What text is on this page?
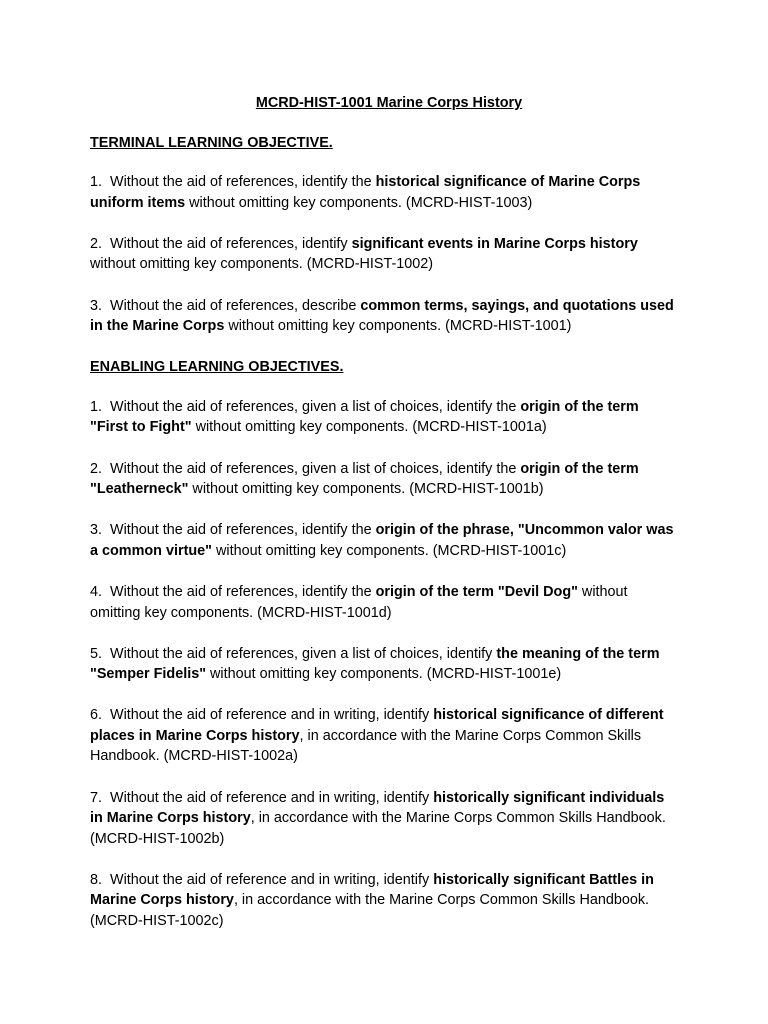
MCRD-HIST-1001 Marine Corps History
TERMINAL LEARNING OBJECTIVE.
1. Without the aid of references, identify the historical significance of Marine Corps uniform items without omitting key components. (MCRD-HIST-1003)
2. Without the aid of references, identify significant events in Marine Corps history without omitting key components. (MCRD-HIST-1002)
3. Without the aid of references, describe common terms, sayings, and quotations used in the Marine Corps without omitting key components. (MCRD-HIST-1001)
ENABLING LEARNING OBJECTIVES.
1. Without the aid of references, given a list of choices, identify the origin of the term "First to Fight" without omitting key components. (MCRD-HIST-1001a)
2. Without the aid of references, given a list of choices, identify the origin of the term "Leatherneck" without omitting key components. (MCRD-HIST-1001b)
3. Without the aid of references, identify the origin of the phrase, "Uncommon valor was a common virtue" without omitting key components. (MCRD-HIST-1001c)
4. Without the aid of references, identify the origin of the term "Devil Dog" without omitting key components. (MCRD-HIST-1001d)
5. Without the aid of references, given a list of choices, identify the meaning of the term "Semper Fidelis" without omitting key components. (MCRD-HIST-1001e)
6. Without the aid of reference and in writing, identify historical significance of different places in Marine Corps history, in accordance with the Marine Corps Common Skills Handbook. (MCRD-HIST-1002a)
7. Without the aid of reference and in writing, identify historically significant individuals in Marine Corps history, in accordance with the Marine Corps Common Skills Handbook. (MCRD-HIST-1002b)
8. Without the aid of reference and in writing, identify historically significant Battles in Marine Corps history, in accordance with the Marine Corps Common Skills Handbook. (MCRD-HIST-1002c)
